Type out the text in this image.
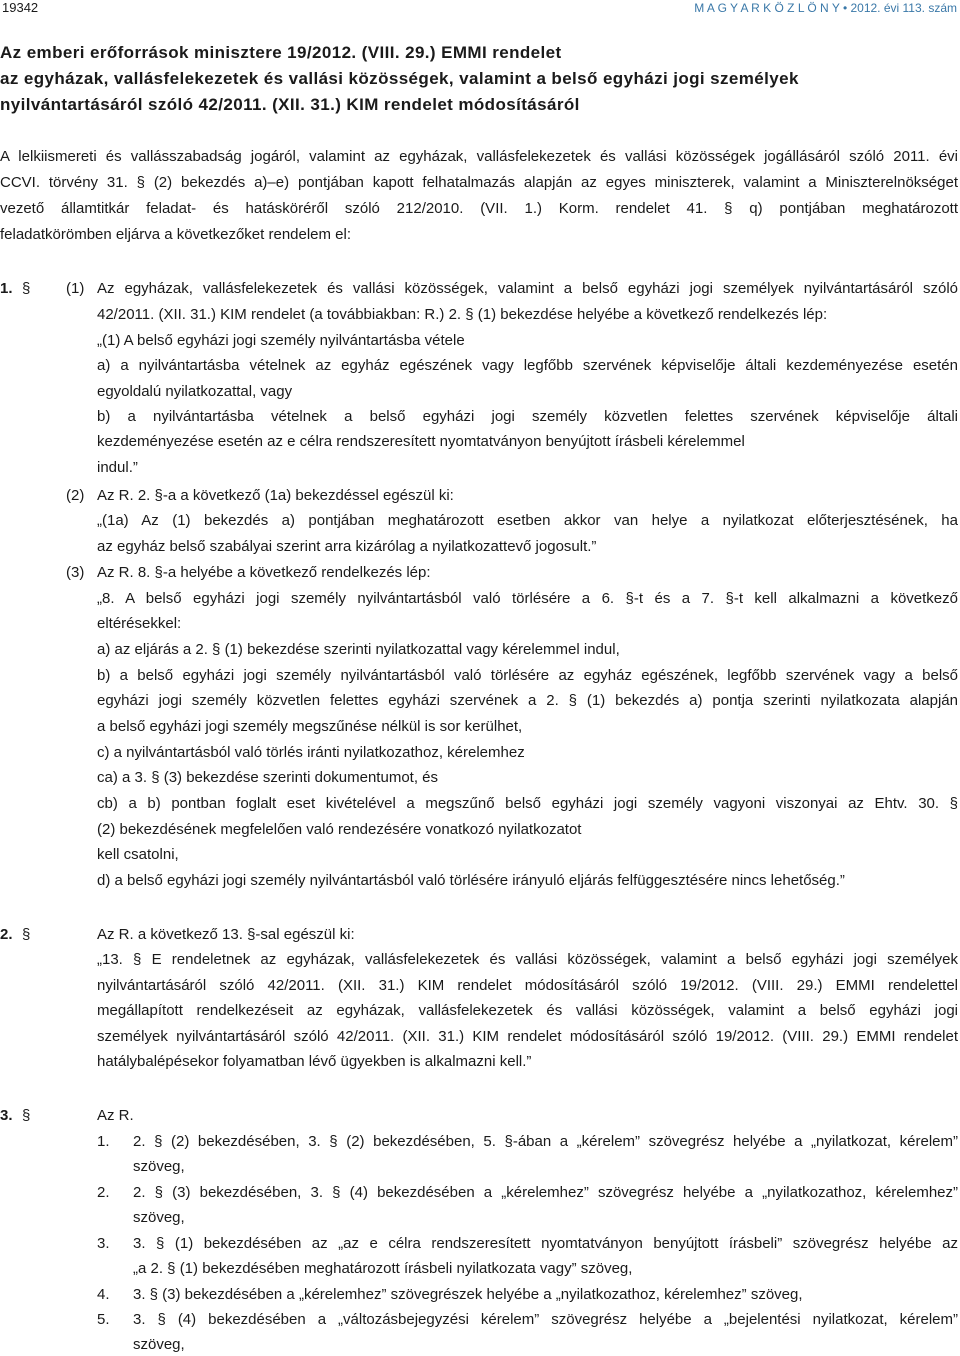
19342	M A G Y A R K Ö Z L Ö N Y • 2012. évi 113. szám
Az emberi erőforrások minisztere 19/2012. (VIII. 29.) EMMI rendelet
az egyházak, vallásfelekezetek és vallási közösségek, valamint a belső egyházi jogi személyek
nyilvántartásáról szóló 42/2011. (XII. 31.) KIM rendelet módosításáról
A lelkiismereti és vallásszabadság jogáról, valamint az egyházak, vallásfelekezetek és vallási közösségek jogállásáról szóló 2011. évi
CCVI. törvény 31. § (2) bekezdés a)–e) pontjában kapott felhatalmazás alapján az egyes miniszterek, valamint a Miniszterelnökséget
vezető államtitkár feladat- és hatásköréről szóló 212/2010. (VII. 1.) Korm. rendelet 41. § q) pontjában meghatározott
feladatkörömben eljárva a következőket rendelem el:
1. § (1) Az egyházak, vallásfelekezetek és vallási közösségek, valamint a belső egyházi jogi személyek nyilvántartásáról szóló
42/2011. (XII. 31.) KIM rendelet (a továbbiakban: R.) 2. § (1) bekezdése helyébe a következő rendelkezés lép:
„(1) A belső egyházi jogi személy nyilvántartásba vétele
a) a nyilvántartásba vételnek az egyház egészének vagy legfőbb szervének képviselője általi kezdeményezése esetén
egyoldalú nyilatkozattal, vagy
b) a nyilvántartásba vételnek a belső egyházi jogi személy közvetlen felettes szervének képviselője általi
kezdeményezése esetén az e célra rendszeresített nyomtatványon benyújtott írásbeli kérelemmel
indul.”
(2) Az R. 2. §-a a következő (1a) bekezdéssel egészül ki:
„(1a) Az (1) bekezdés a) pontjában meghatározott esetben akkor van helye a nyilatkozat előterjesztésének, ha
az egyház belső szabályai szerint arra kizárólag a nyilatkozattevő jogosult.”
(3) Az R. 8. §-a helyébe a következő rendelkezés lép:
„8. A belső egyházi jogi személy nyilvántartásból való törlésére a 6. §-t és a 7. §-t kell alkalmazni a következő
eltérésekkel:
a) az eljárás a 2. § (1) bekezdése szerinti nyilatkozattal vagy kérelemmel indul,
b) a belső egyházi jogi személy nyilvántartásból való törlésére az egyház egészének, legfőbb szervének vagy a belső
egyházi jogi személy közvetlen felettes egyházi szervének a 2. § (1) bekezdés a) pontja szerinti nyilatkozata alapján
a belső egyházi jogi személy megszűnése nélkül is sor kerülhet,
c) a nyilvántartásból való törlés iránti nyilatkozathoz, kérelemhez
ca) a 3. § (3) bekezdése szerinti dokumentumot, és
cb) a b) pontban foglalt eset kivételével a megszűnő belső egyházi jogi személy vagyoni viszonyai az Ehtv. 30. §
(2) bekezdésének megfelelően való rendezésére vonatkozó nyilatkozatot
kell csatolni,
d) a belső egyházi jogi személy nyilvántartásból való törlésére irányuló eljárás felfüggesztésére nincs lehetőség.”
2. §	Az R. a következő 13. §-sal egészül ki:
„13. § E rendeletnek az egyházak, vallásfelekezetek és vallási közösségek, valamint a belső egyházi jogi személyek
nyilvántartásáról szóló 42/2011. (XII. 31.) KIM rendelet módosításáról szóló 19/2012. (VIII. 29.) EMMI rendelettel
megállapított rendelkezéseit az egyházak, vallásfelekezetek és vallási közösségek, valamint a belső egyházi jogi
személyek nyilvántartásáról szóló 42/2011. (XII. 31.) KIM rendelet módosításáról szóló 19/2012. (VIII. 29.) EMMI rendelet
hatálybalépésekor folyamatban lévő ügyekben is alkalmazni kell.”
3. §	Az R.
1. 2. § (2) bekezdésében, 3. § (2) bekezdésében, 5. §-ában a „kérelem” szövegrész helyébe a „nyilatkozat, kérelem”
szöveg,
2. 2. § (3) bekezdésében, 3. § (4) bekezdésében a „kérelemhez” szövegrész helyébe a „nyilatkozathoz, kérelemhez”
szöveg,
3. 3. § (1) bekezdésében az „az e célra rendszeresített nyomtatványon benyújtott írásbeli” szövegrész helyébe az
„a 2. § (1) bekezdésében meghatározott írásbeli nyilatkozata vagy” szöveg,
4. 3. § (3) bekezdésében a „kérelemhez” szövegrészek helyébe a „nyilatkozathoz, kérelemhez” szöveg,
5. 3. § (4) bekezdésében a „változásbejegyzési kérelem” szövegrész helyébe a „bejelentési nyilatkozat, kérelem”
szöveg,
